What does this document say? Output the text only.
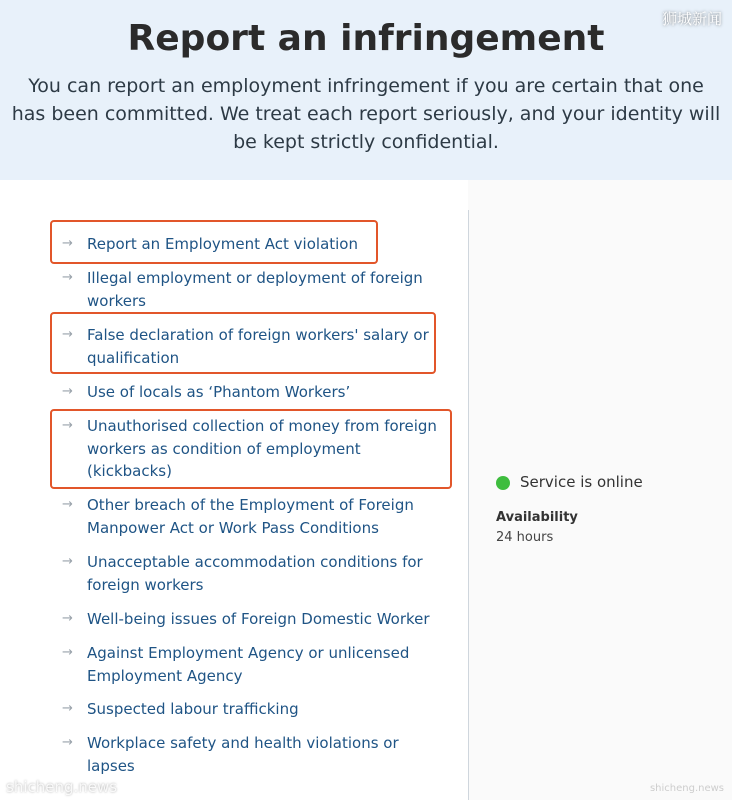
Report an infringement

You can report an employment infringement if you are certain that one has been committed. We treat each report seriously, and your identity will be kept strictly confidential.

狮城新闻
→ Report an Employment Act violation
→ Illegal employment or deployment of foreign workers
→ False declaration of foreign workers' salary or qualification
→ Use of locals as ‘Phantom Workers’
→ Unauthorised collection of money from foreign workers as condition of employment (kickbacks)
→ Other breach of the Employment of Foreign Manpower Act or Work Pass Conditions
→ Unacceptable accommodation conditions for foreign workers
→ Well-being issues of Foreign Domestic Worker
→ Against Employment Agency or unlicensed Employment Agency
→ Suspected labour trafficking
→ Workplace safety and health violations or lapses
Service is online
Availability
24 hours
shicheng.news	shicheng.news
